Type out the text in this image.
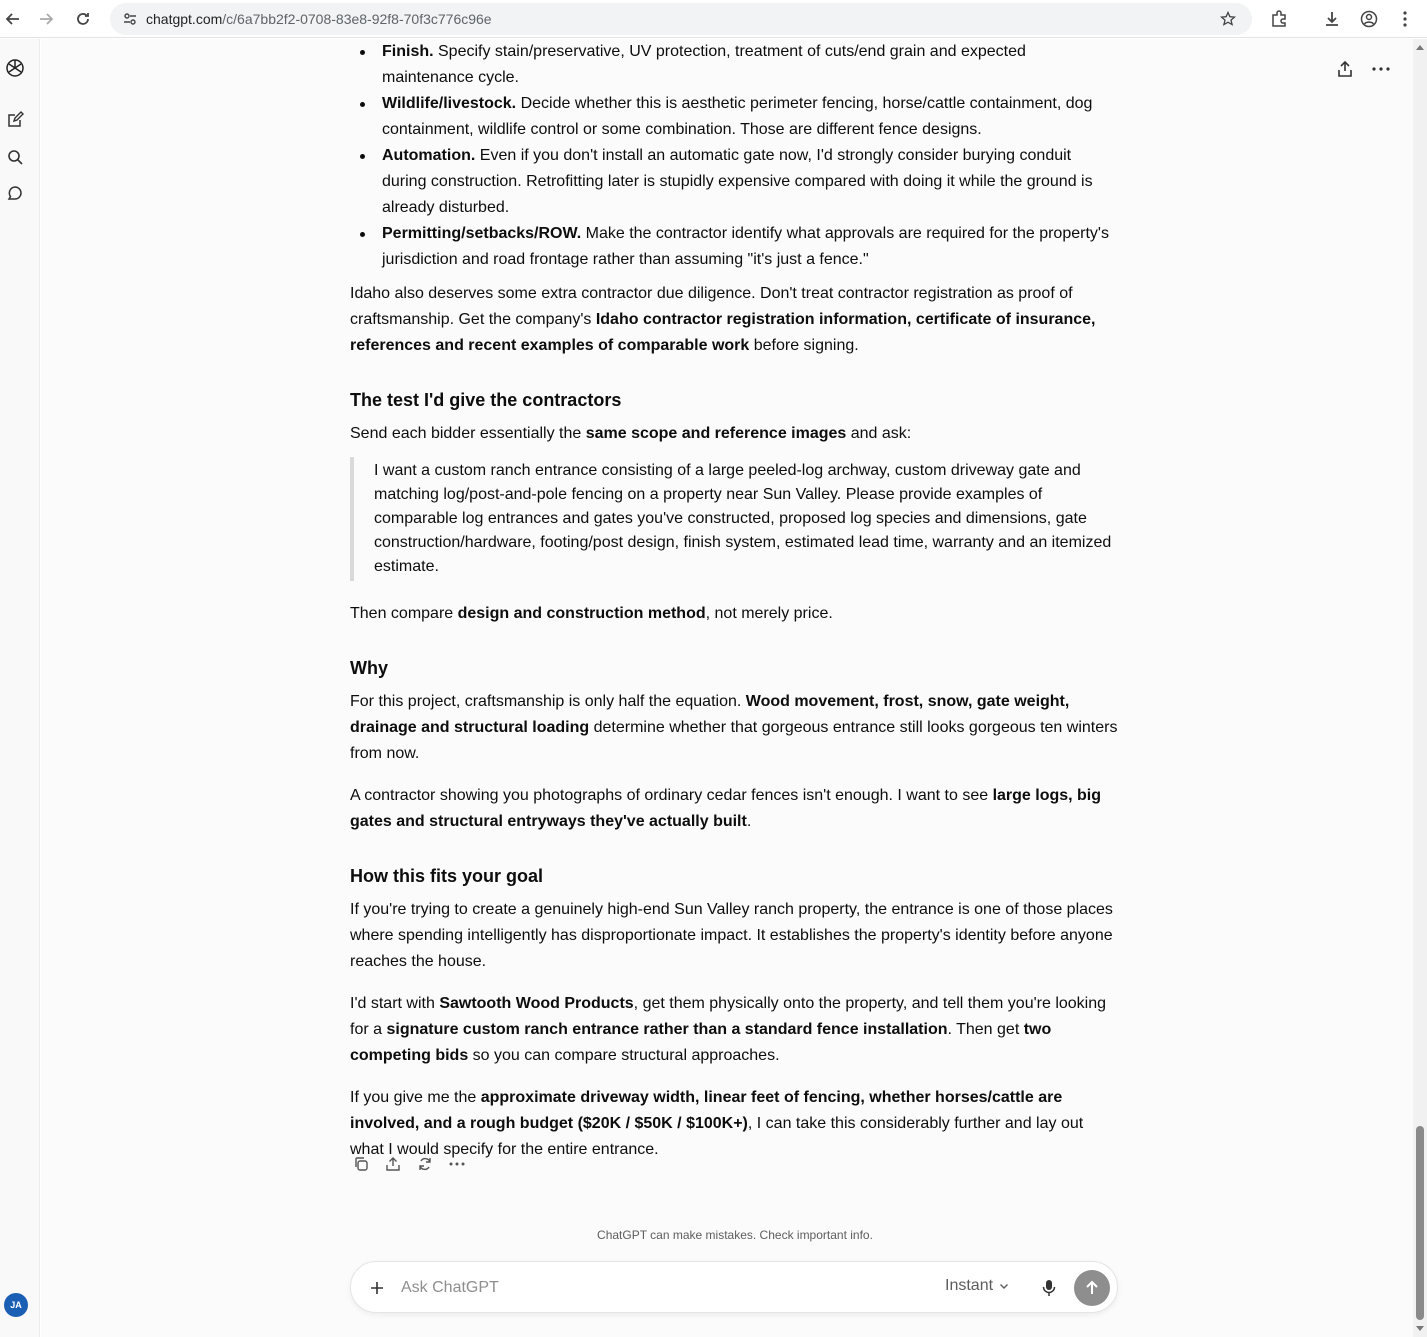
chatgpt.com/c/6a7bb2f2-0708-83e8-92f8-70f3c776c96e
JA
Finish. Specify stain/preservative, UV protection, treatment of cuts/end grain and expected maintenance cycle.
Wildlife/livestock. Decide whether this is aesthetic perimeter fencing, horse/cattle containment, dog containment, wildlife control or some combination. Those are different fence designs.
Automation. Even if you don't install an automatic gate now, I'd strongly consider burying conduit during construction. Retrofitting later is stupidly expensive compared with doing it while the ground is already disturbed.
Permitting/setbacks/ROW. Make the contractor identify what approvals are required for the property's jurisdiction and road frontage rather than assuming "it's just a fence."

Idaho also deserves some extra contractor due diligence. Don't treat contractor registration as proof of craftsmanship. Get the company's Idaho contractor registration information, certificate of insurance, references and recent examples of comparable work before signing.

The test I'd give the contractors

Send each bidder essentially the same scope and reference images and ask:

I want a custom ranch entrance consisting of a large peeled-log archway, custom driveway gate and matching log/post-and-pole fencing on a property near Sun Valley. Please provide examples of comparable log entrances and gates you've constructed, proposed log species and dimensions, gate construction/hardware, footing/post design, finish system, estimated lead time, warranty and an itemized estimate.

Then compare design and construction method, not merely price.

Why

For this project, craftsmanship is only half the equation. Wood movement, frost, snow, gate weight, drainage and structural loading determine whether that gorgeous entrance still looks gorgeous ten winters from now.

A contractor showing you photographs of ordinary cedar fences isn't enough. I want to see large logs, big gates and structural entryways they've actually built.

How this fits your goal

If you're trying to create a genuinely high-end Sun Valley ranch property, the entrance is one of those places where spending intelligently has disproportionate impact. It establishes the property's identity before anyone reaches the house.

I'd start with Sawtooth Wood Products, get them physically onto the property, and tell them you're looking for a signature custom ranch entrance rather than a standard fence installation. Then get two competing bids so you can compare structural approaches.

If you give me the approximate driveway width, linear feet of fencing, whether horses/cattle are involved, and a rough budget ($20K / $50K / $100K+), I can take this considerably further and lay out what I would specify for the entire entrance.

ChatGPT can make mistakes. Check important info.
Ask ChatGPT
Instant
